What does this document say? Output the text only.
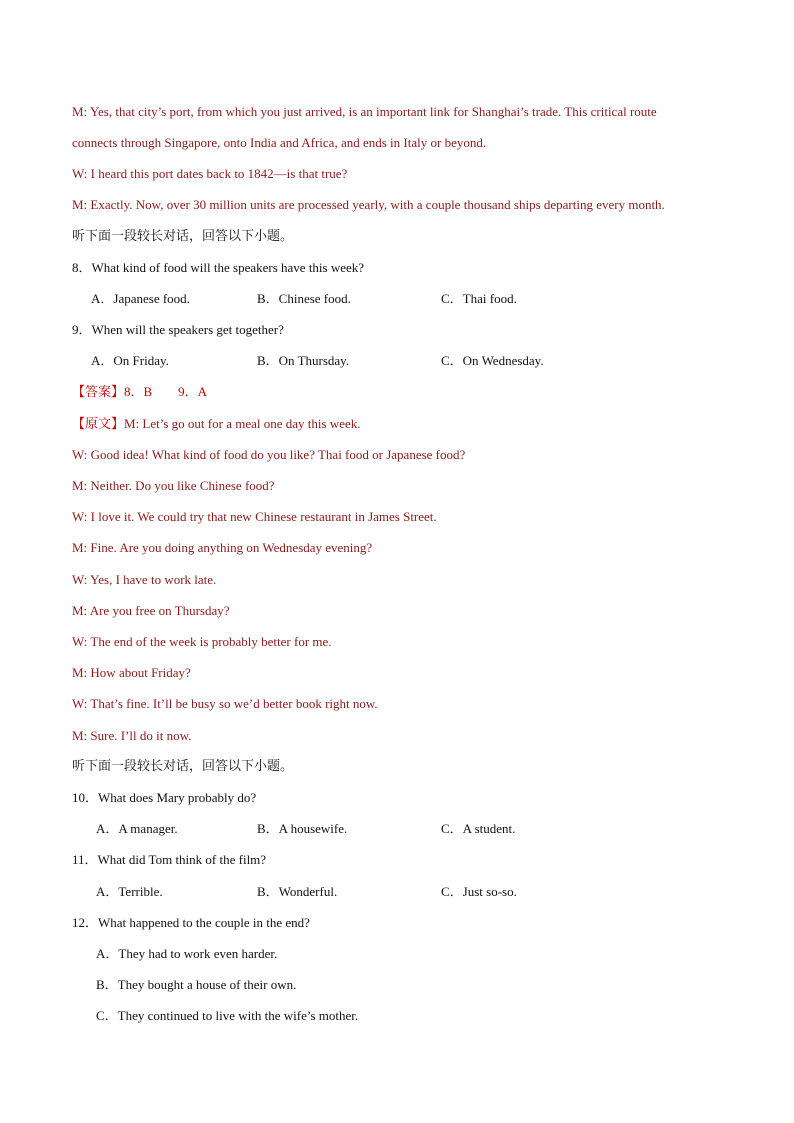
M: Yes, that city’s port, from which you just arrived, is an important link for Shanghai’s trade. This critical route
connects through Singapore, onto India and Africa, and ends in Italy or beyond.
W: I heard this port dates back to 1842—is that true?
M: Exactly. Now, over 30 million units are processed yearly, with a couple thousand ships departing every month.
听下面一段较长对话，回答以下小题。
8．What kind of food will the speakers have this week?
A．Japanese food.	B．Chinese food.	C．Thai food.
9．When will the speakers get together?
A．On Friday.	B．On Thursday.	C．On Wednesday.
【答案】8．B　　9．A
【原文】M: Let’s go out for a meal one day this week.
W: Good idea! What kind of food do you like? Thai food or Japanese food?
M: Neither. Do you like Chinese food?
W: I love it. We could try that new Chinese restaurant in James Street.
M: Fine. Are you doing anything on Wednesday evening?
W: Yes, I have to work late.
M: Are you free on Thursday?
W: The end of the week is probably better for me.
M: How about Friday?
W: That’s fine. It’ll be busy so we’d better book right now.
M: Sure. I’ll do it now.
听下面一段较长对话，回答以下小题。
10．What does Mary probably do?
A．A manager.	B．A housewife.	C．A student.
11．What did Tom think of the film?
A．Terrible.	B．Wonderful.	C．Just so-so.
12．What happened to the couple in the end?
A．They had to work even harder.
B．They bought a house of their own.
C．They continued to live with the wife’s mother.
